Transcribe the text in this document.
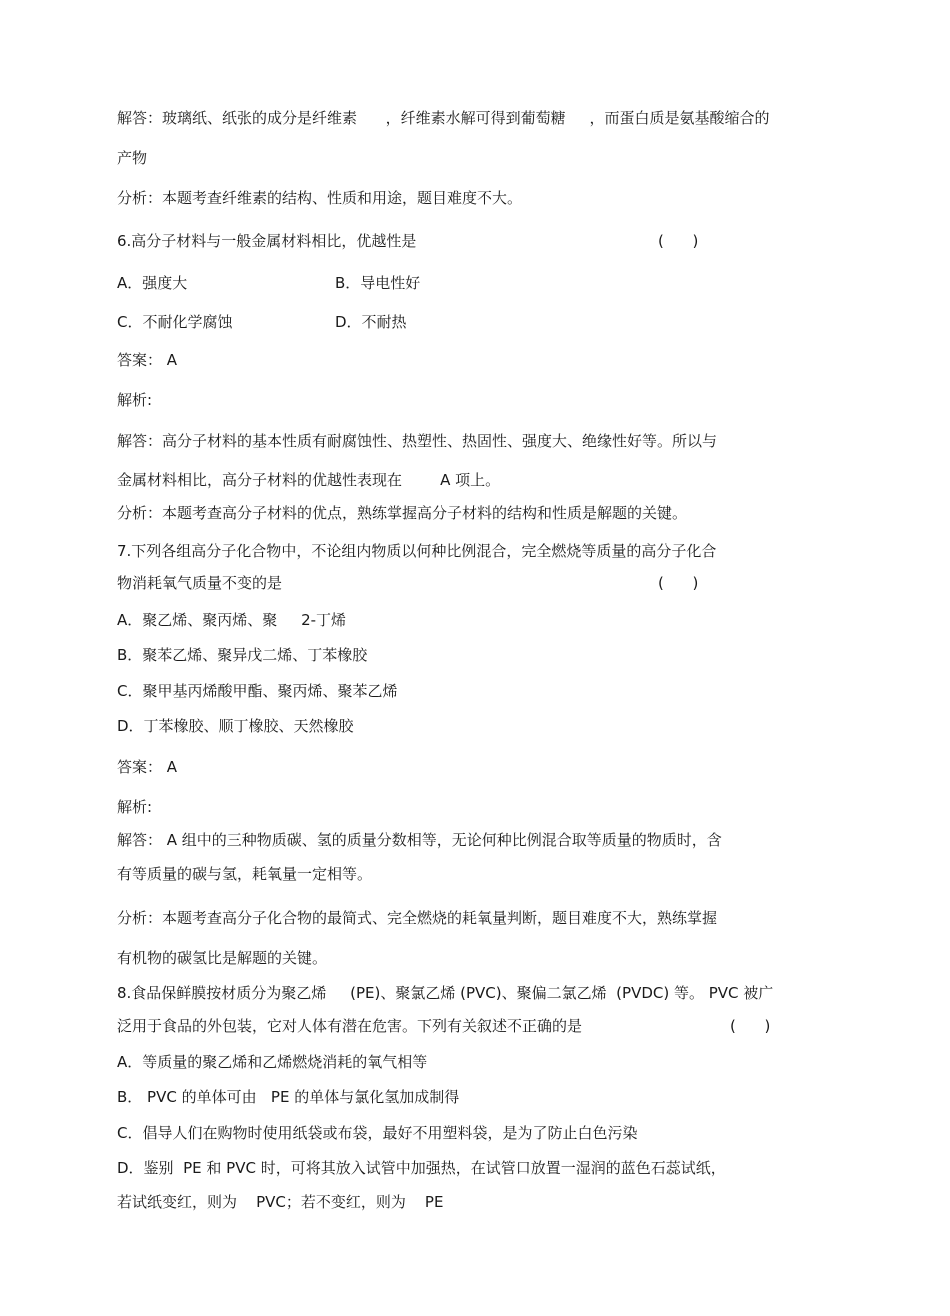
解答：玻璃纸、纸张的成分是纤维素      ，纤维素水解可得到葡萄糖     ，而蛋白质是氨基酸缩合的

产物

分析：本题考查纤维素的结构、性质和用途，题目难度不大。

6.高分子材料与一般金属材料相比，优越性是	(      )

A．强度大	B．导电性好

C．不耐化学腐蚀	D．不耐热

答案： A

解析:

解答：高分子材料的基本性质有耐腐蚀性、热塑性、热固性、强度大、绝缘性好等。所以与

金属材料相比，高分子材料的优越性表现在        A 项上。

分析：本题考查高分子材料的优点，熟练掌握高分子材料的结构和性质是解题的关键。

7.下列各组高分子化合物中，不论组内物质以何种比例混合，完全燃烧等质量的高分子化合

物消耗氧气质量不变的是	(      )

A．聚乙烯、聚丙烯、聚     2-丁烯

B．聚苯乙烯、聚异戊二烯、丁苯橡胶

C．聚甲基丙烯酸甲酯、聚丙烯、聚苯乙烯

D．丁苯橡胶、顺丁橡胶、天然橡胶

答案： A

解析:

解答： A 组中的三种物质碳、氢的质量分数相等，无论何种比例混合取等质量的物质时，含

有等质量的碳与氢，耗氧量一定相等。

分析：本题考查高分子化合物的最简式、完全燃烧的耗氧量判断，题目难度不大，熟练掌握

有机物的碳氢比是解题的关键。

8.食品保鲜膜按材质分为聚乙烯     (PE)、聚氯乙烯 (PVC)、聚偏二氯乙烯  (PVDC) 等。 PVC 被广

泛用于食品的外包装，它对人体有潜在危害。下列有关叙述不正确的是	(      )

A．等质量的聚乙烯和乙烯燃烧消耗的氧气相等

B． PVC 的单体可由   PE 的单体与氯化氢加成制得

C．倡导人们在购物时使用纸袋或布袋，最好不用塑料袋，是为了防止白色污染

D．鉴别  PE 和 PVC 时，可将其放入试管中加强热，在试管口放置一湿润的蓝色石蕊试纸，

若试纸变红，则为    PVC；若不变红，则为    PE
